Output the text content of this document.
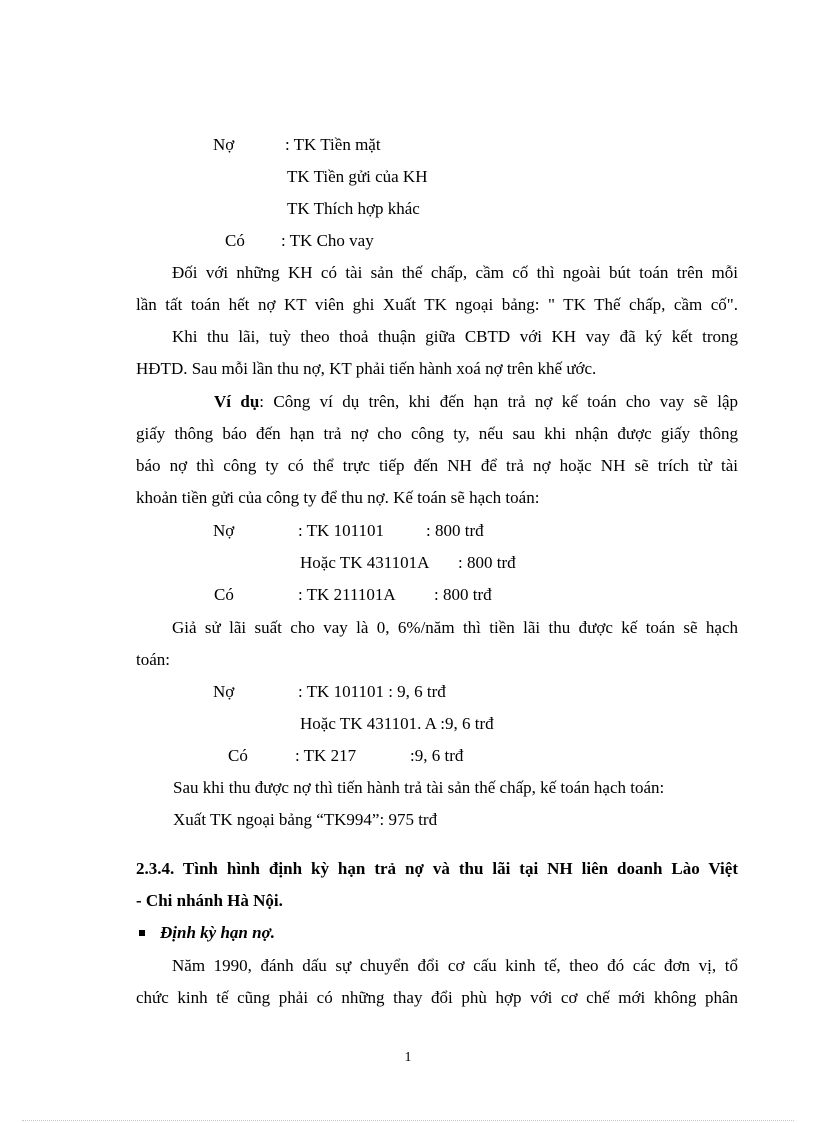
Nợ	: TK Tiền mặt
TK Tiền gửi của KH
TK Thích hợp khác
Có : TK Cho vay
Đối với những KH có tài sản thế chấp, cầm cố thì ngoài bút toán trên mỗi
lần tất toán hết nợ KT viên ghi Xuất TK ngoại bảng: " TK Thế chấp, cầm cố".
Khi thu lãi, tuỳ theo thoả thuận giữa CBTD với KH vay đã ký kết trong
HĐTD. Sau mỗi lần thu nợ, KT phải tiến hành xoá nợ trên khế ước.
Ví dụ: Công ví dụ trên, khi đến hạn trả nợ kế toán cho vay sẽ lập
giấy thông báo đến hạn trả nợ cho công ty, nếu sau khi nhận được giấy thông
báo nợ thì công ty có thể trực tiếp đến NH để trả nợ hoặc NH sẽ trích từ tài
khoản tiền gửi của công ty để thu nợ. Kế toán sẽ hạch toán:
Nợ	: TK 101101 : 800 trđ
Hoặc TK 431101A : 800 trđ
Có	: TK 211101A : 800 trđ
Giả sử lãi suất cho vay là 0, 6%/năm thì tiền lãi thu được kế toán sẽ hạch
toán:
Nợ	: TK 101101 : 9, 6 trđ
Hoặc TK 431101. A :9, 6 trđ
Có	: TK 217	:9, 6 trđ
Sau khi thu được nợ thì tiến hành trả tài sản thế chấp, kế toán hạch toán:
Xuất TK ngoại bảng “TK994”: 975 trđ
2.3.4. Tình hình định kỳ hạn trả nợ và thu lãi tại NH liên doanh Lào Việt
- Chi nhánh Hà Nội.
Định kỳ hạn nợ.
Năm 1990, đánh dấu sự chuyển đổi cơ cấu kinh tế, theo đó các đơn vị, tổ
chức kinh tế cũng phải có những thay đổi phù hợp với cơ chế mới không phân
1
